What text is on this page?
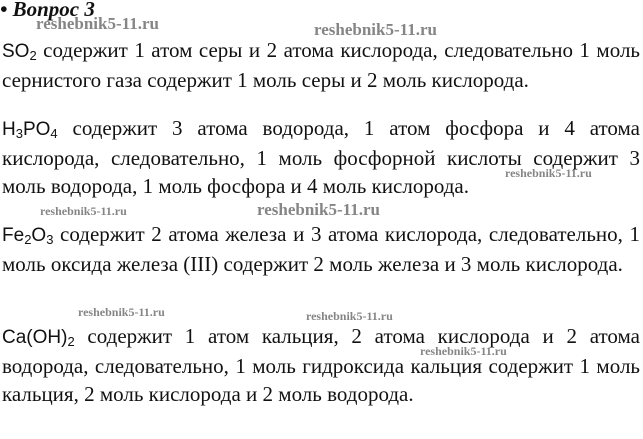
• Вопрос 3

$SO_2$ содержит 1 атом серы и 2 атома кислорода, следовательно 1 моль сернистого газа содержит 1 моль серы и 2 моль кислорода.

$H_3PO_4$ содержит 3 атома водорода, 1 атом фосфора и 4 атома кислорода, следовательно, 1 моль фосфорной кислоты содержит 3 моль водорода, 1 моль фосфора и 4 моль кислорода.

$Fe_2O_3$ содержит 2 атома железа и 3 атома кислорода, следовательно, 1 моль оксида железа (III) содержит 2 моль железа и 3 моль кислорода.

$Ca(OH)_2$ содержит 1 атом кальция, 2 атома кислорода и 2 атома водорода, следовательно, 1 моль гидроксида кальция содержит 1 моль кальция, 2 моль кислорода и 2 моль водорода.

reshebnik5-11.ru	reshebnik5-11.ru
reshebnik5-11.ru
reshebnik5-11.ru	reshebnik5-11.ru
reshebnik5-11.ru	reshebnik5-11.ru
reshebnik5-11.ru
